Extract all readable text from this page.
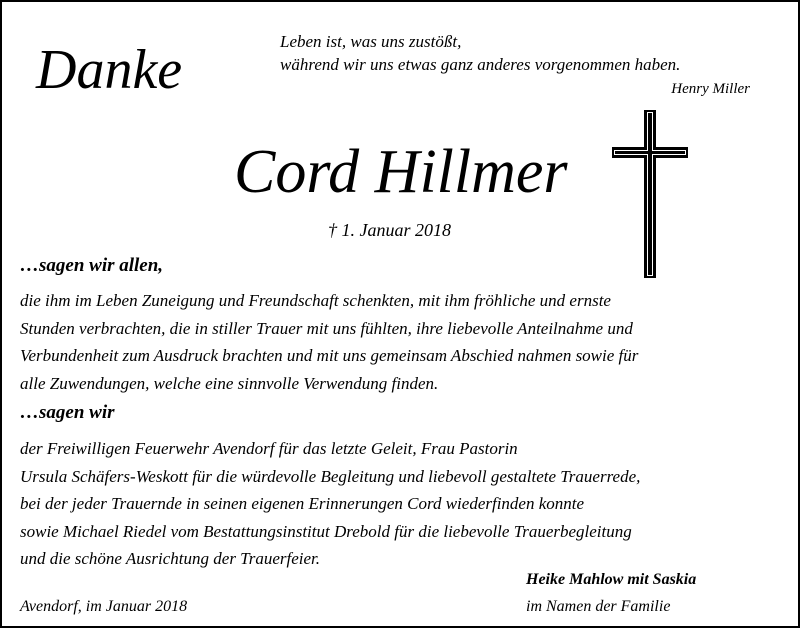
Danke	Leben ist, was uns zustößt,
während wir uns etwas ganz anderes vorgenommen haben.
Henry Miller
Cord Hillmer
† 1. Januar 2018
…sagen wir allen,
die ihm im Leben Zuneigung und Freundschaft schenkten, mit ihm fröhliche und ernste
Stunden verbrachten, die in stiller Trauer mit uns fühlten, ihre liebevolle Anteilnahme und
Verbundenheit zum Ausdruck brachten und mit uns gemeinsam Abschied nahmen sowie für
alle Zuwendungen, welche eine sinnvolle Verwendung finden.
…sagen wir
der Freiwilligen Feuerwehr Avendorf für das letzte Geleit, Frau Pastorin
Ursula Schäfers-Weskott für die würdevolle Begleitung und liebevoll gestaltete Trauerrede,
bei der jeder Trauernde in seinen eigenen Erinnerungen Cord wiederfinden konnte
sowie Michael Riedel vom Bestattungsinstitut Drebold für die liebevolle Trauerbegleitung
und die schöne Ausrichtung der Trauerfeier.
Heike Mahlow mit Saskia
Avendorf, im Januar 2018	im Namen der Familie
